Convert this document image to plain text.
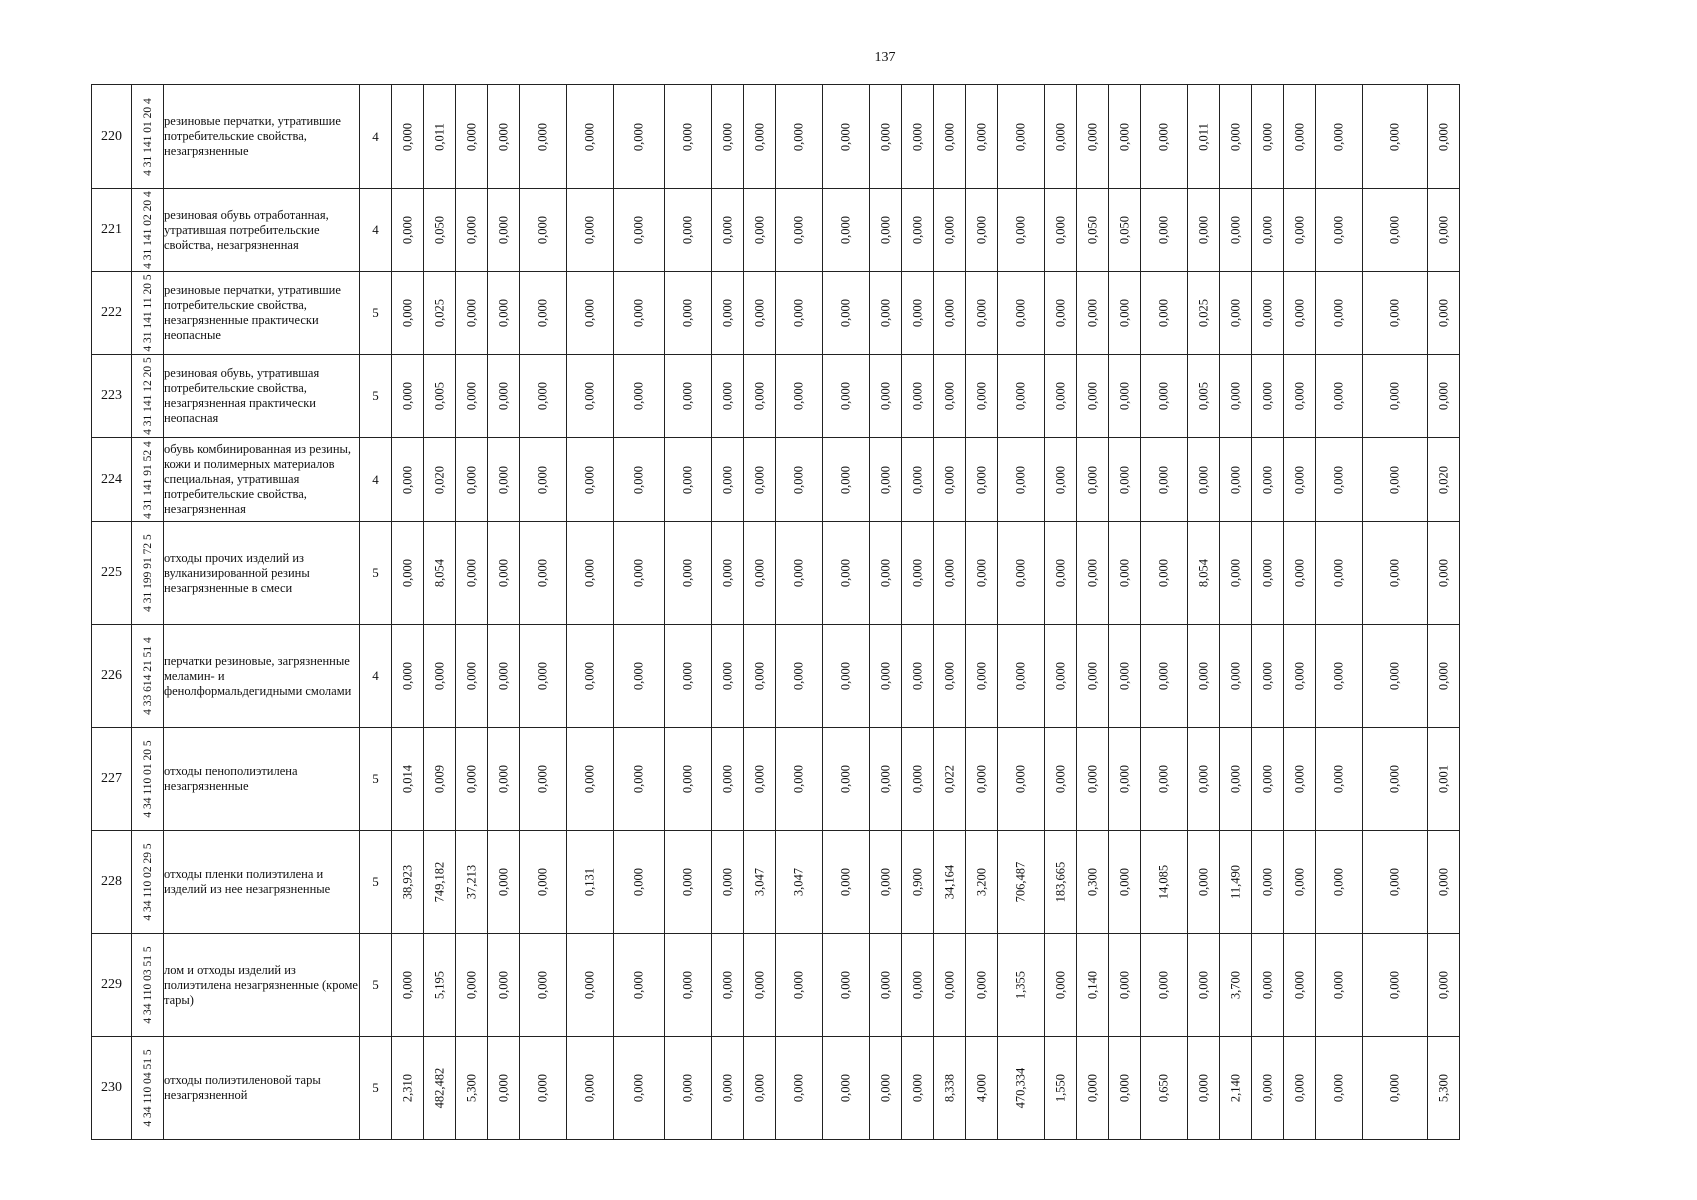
137
220	4 31 141 01 20 4	резиновые перчатки, утратившие потребительские свойства, незагрязненные	4	0,000	0,011	0,000	0,000	0,000	0,000	0,000	0,000	0,000	0,000	0,000	0,000	0,000	0,000	0,000	0,000	0,000	0,000	0,000	0,000	0,000	0,011	0,000	0,000	0,000	0,000	0,000	0,000

221	4 31 141 02 20 4	резиновая обувь отработанная, утратившая потребительские свойства, незагрязненная	4	0,000	0,050	0,000	0,000	0,000	0,000	0,000	0,000	0,000	0,000	0,000	0,000	0,000	0,000	0,000	0,000	0,000	0,000	0,050	0,050	0,000	0,000	0,000	0,000	0,000	0,000	0,000	0,000

222	4 31 141 11 20 5	резиновые перчатки, утратившие потребительские свойства, незагрязненные практически неопасные	5	0,000	0,025	0,000	0,000	0,000	0,000	0,000	0,000	0,000	0,000	0,000	0,000	0,000	0,000	0,000	0,000	0,000	0,000	0,000	0,000	0,000	0,025	0,000	0,000	0,000	0,000	0,000	0,000

223	4 31 141 12 20 5	резиновая обувь, утратившая потребительские свойства, незагрязненная практически неопасная	5	0,000	0,005	0,000	0,000	0,000	0,000	0,000	0,000	0,000	0,000	0,000	0,000	0,000	0,000	0,000	0,000	0,000	0,000	0,000	0,000	0,000	0,005	0,000	0,000	0,000	0,000	0,000	0,000

224	4 31 141 91 52 4	обувь комбинированная из резины, кожи и полимерных материалов специальная, утратившая потребительские свойства, незагрязненная	4	0,000	0,020	0,000	0,000	0,000	0,000	0,000	0,000	0,000	0,000	0,000	0,000	0,000	0,000	0,000	0,000	0,000	0,000	0,000	0,000	0,000	0,000	0,000	0,000	0,000	0,000	0,000	0,020

225	4 31 199 91 72 5	отходы прочих изделий из вулканизированной резины незагрязненные в смеси	5	0,000	8,054	0,000	0,000	0,000	0,000	0,000	0,000	0,000	0,000	0,000	0,000	0,000	0,000	0,000	0,000	0,000	0,000	0,000	0,000	0,000	8,054	0,000	0,000	0,000	0,000	0,000	0,000

226	4 33 614 21 51 4	перчатки резиновые, загрязненные меламин- и фенолформальдегидными смолами	4	0,000	0,000	0,000	0,000	0,000	0,000	0,000	0,000	0,000	0,000	0,000	0,000	0,000	0,000	0,000	0,000	0,000	0,000	0,000	0,000	0,000	0,000	0,000	0,000	0,000	0,000	0,000	0,000

227	4 34 110 01 20 5	отходы пенополиэтилена незагрязненные	5	0,014	0,009	0,000	0,000	0,000	0,000	0,000	0,000	0,000	0,000	0,000	0,000	0,000	0,000	0,022	0,000	0,000	0,000	0,000	0,000	0,000	0,000	0,000	0,000	0,000	0,000	0,000	0,001

228	4 34 110 02 29 5	отходы пленки полиэтилена и изделий из нее незагрязненные	5	38,923	749,182	37,213	0,000	0,000	0,131	0,000	0,000	0,000	3,047	3,047	0,000	0,000	0,900	34,164	3,200	706,487	183,665	0,300	0,000	14,085	0,000	11,490	0,000	0,000	0,000	0,000	0,000

229	4 34 110 03 51 5	лом и отходы изделий из полиэтилена незагрязненные (кроме тары)	5	0,000	5,195	0,000	0,000	0,000	0,000	0,000	0,000	0,000	0,000	0,000	0,000	0,000	0,000	0,000	0,000	1,355	0,000	0,140	0,000	0,000	0,000	3,700	0,000	0,000	0,000	0,000	0,000

230	4 34 110 04 51 5	отходы полиэтиленовой тары незагрязненной	5	2,310	482,482	5,300	0,000	0,000	0,000	0,000	0,000	0,000	0,000	0,000	0,000	0,000	0,000	8,338	4,000	470,334	1,550	0,000	0,000	0,650	0,000	2,140	0,000	0,000	0,000	0,000	5,300
